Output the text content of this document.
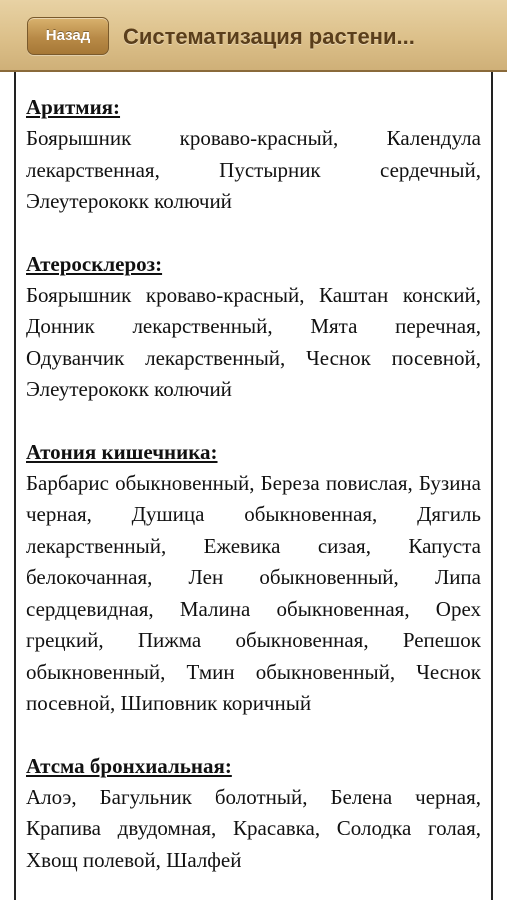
Назад	Систематизация растени...

Аритмия:

Боярышник кроваво-красный, Календула лекарственная, Пустырник сердечный, Элеутерококк колючий

Атеросклероз:

Боярышник кроваво-красный, Каштан конский, Донник лекарственный, Мята перечная, Одуванчик лекарственный, Чеснок посевной, Элеутерококк колючий

Атония кишечника:

Барбарис обыкновенный, Береза повислая, Бузина черная, Душица обыкновенная, Дягиль лекарственный, Ежевика сизая, Капуста белокочанная, Лен обыкновенный, Липа сердцевидная, Малина обыкновенная, Орех грецкий, Пижма обыкновенная, Репешок обыкновенный, Тмин обыкновенный, Чеснок посевной, Шиповник коричный

Атсма бронхиальная:

Алоэ, Багульник болотный, Белена черная, Крапива двудомная, Красавка, Солодка голая, Хвощ полевой, Шалфей
